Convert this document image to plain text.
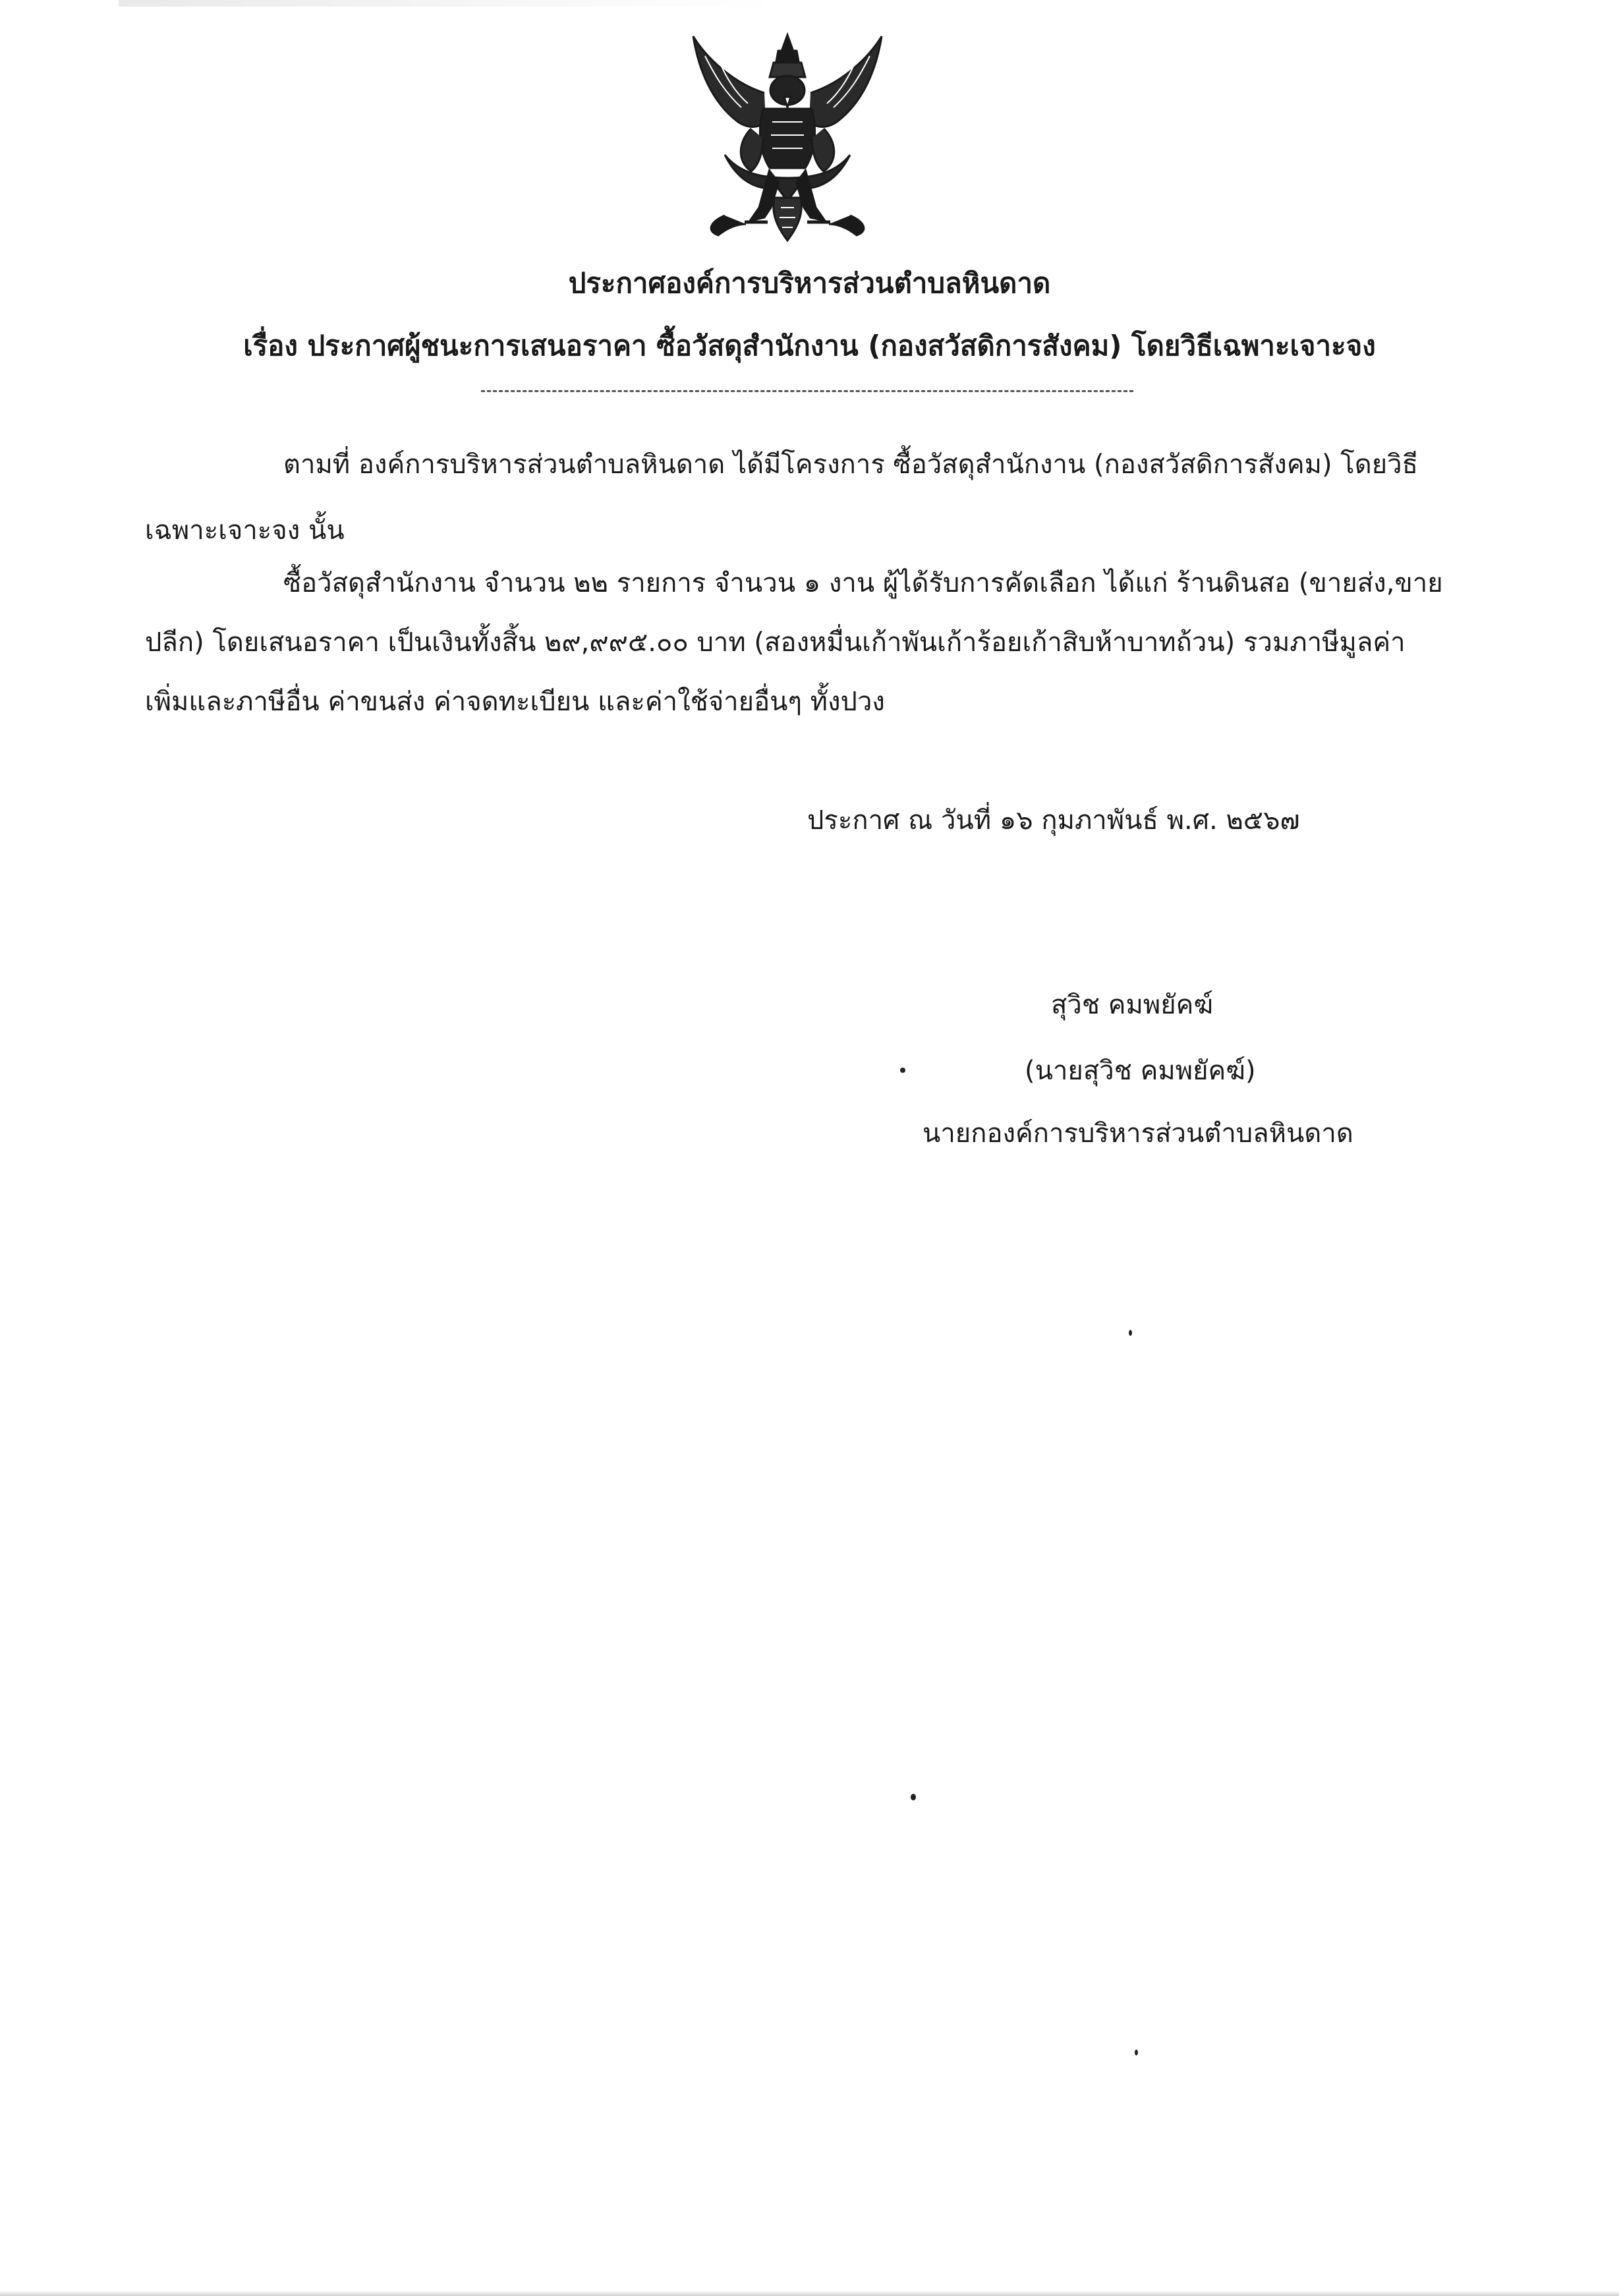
ประกาศองค์การบริหารส่วนตำบลหินดาด
เรื่อง ประกาศผู้ชนะการเสนอราคา ซื้อวัสดุสำนักงาน (กองสวัสดิการสังคม) โดยวิธีเฉพาะเจาะจง
ตามที่ องค์การบริหารส่วนตำบลหินดาด ได้มีโครงการ ซื้อวัสดุสำนักงาน (กองสวัสดิการสังคม) โดยวิธี
เฉพาะเจาะจง นั้น
ซื้อวัสดุสำนักงาน จำนวน ๒๒ รายการ จำนวน ๑ งาน ผู้ได้รับการคัดเลือก ได้แก่ ร้านดินสอ (ขายส่ง,ขาย
ปลีก) โดยเสนอราคา เป็นเงินทั้งสิ้น ๒๙,๙๙๕.๐๐ บาท (สองหมื่นเก้าพันเก้าร้อยเก้าสิบห้าบาทถ้วน) รวมภาษีมูลค่า
เพิ่มและภาษีอื่น ค่าขนส่ง ค่าจดทะเบียน และค่าใช้จ่ายอื่นๆ ทั้งปวง
ประกาศ ณ วันที่ ๑๖ กุมภาพันธ์ พ.ศ. ๒๕๖๗
สุวิช คมพยัคฆ์
(นายสุวิช คมพยัคฆ์)
นายกองค์การบริหารส่วนตำบลหินดาด
